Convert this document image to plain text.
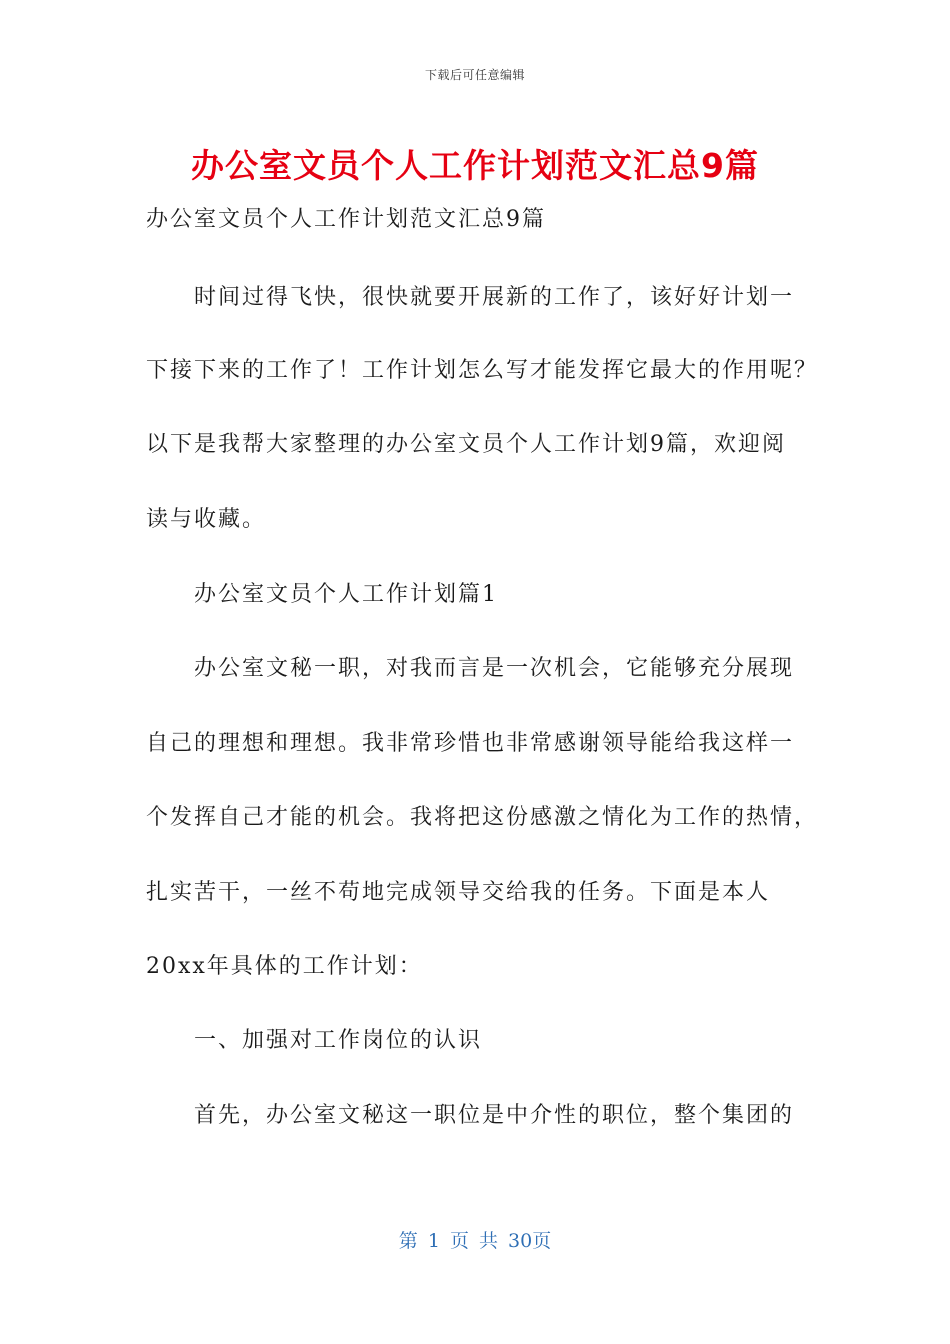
下载后可任意编辑
办公室文员个人工作计划范文汇总9篇
办公室文员个人工作计划范文汇总9篇
时间过得飞快，很快就要开展新的工作了，该好好计划一
下接下来的工作了！工作计划怎么写才能发挥它最大的作用呢？
以下是我帮大家整理的办公室文员个人工作计划9篇，欢迎阅
读与收藏。
办公室文员个人工作计划篇1
办公室文秘一职，对我而言是一次机会，它能够充分展现
自己的理想和理想。我非常珍惜也非常感谢领导能给我这样一
个发挥自己才能的机会。我将把这份感激之情化为工作的热情，
扎实苦干，一丝不苟地完成领导交给我的任务。下面是本人
20xx年具体的工作计划：
一、加强对工作岗位的认识
首先，办公室文秘这一职位是中介性的职位，整个集团的
第 1 页 共 30页
